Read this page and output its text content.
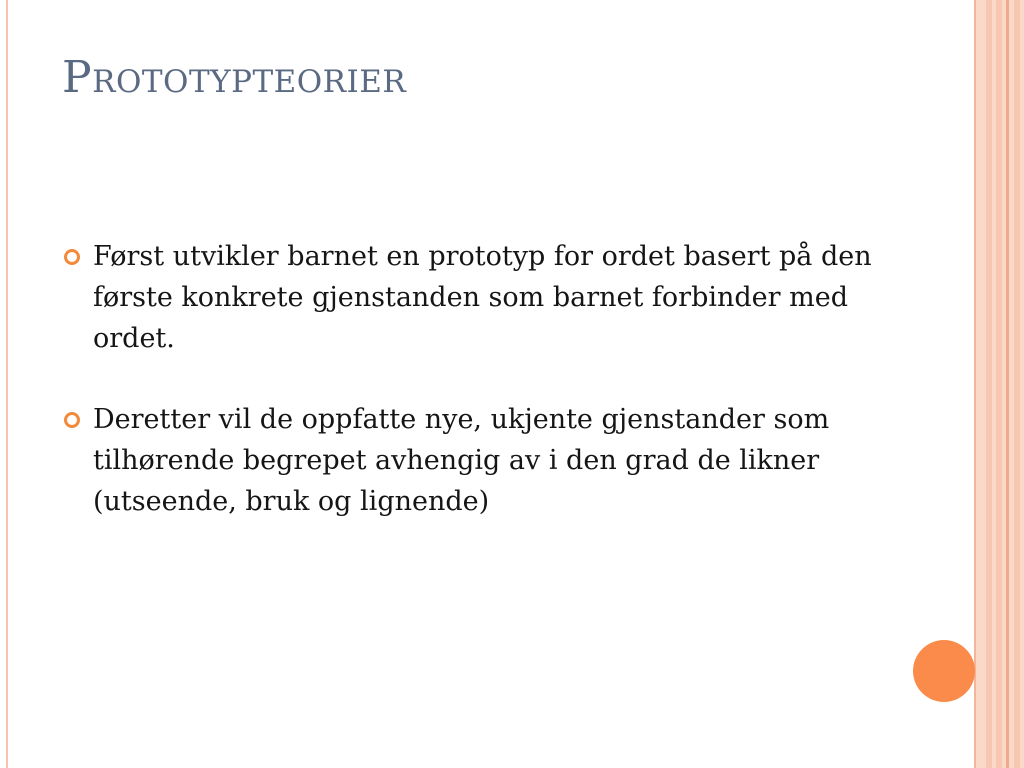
Prototypteorier
Først utvikler barnet en prototyp for ordet basert på den første konkrete gjenstanden som barnet forbinder med ordet.
Deretter vil de oppfatte nye, ukjente gjenstander som tilhørende begrepet avhengig av i den grad de likner (utseende, bruk og lignende)
